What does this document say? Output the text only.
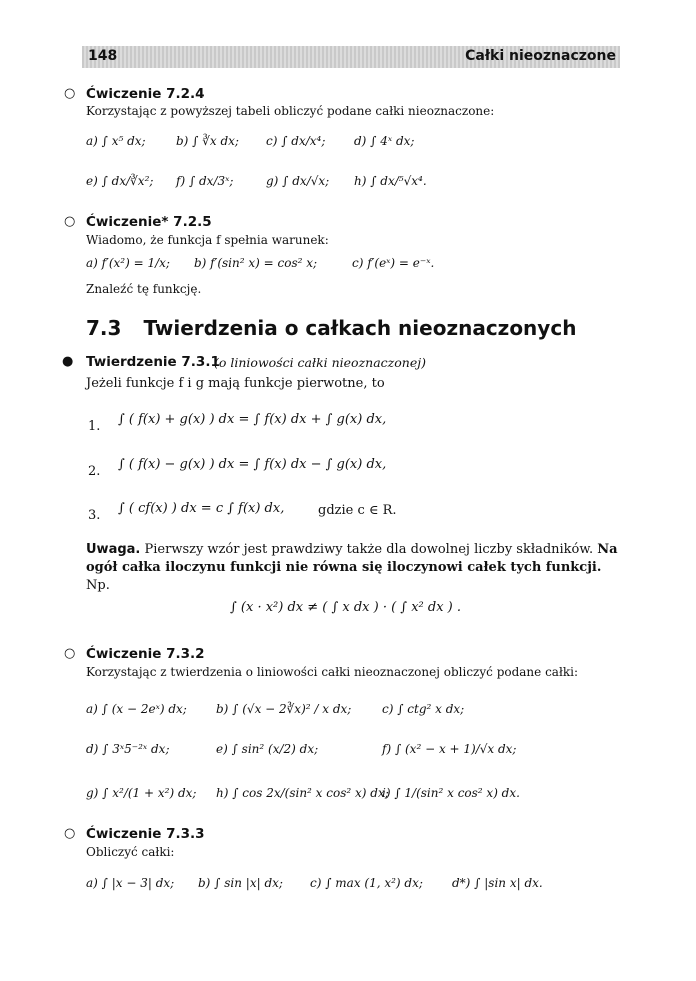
148	Całki nieoznaczone
○ Ćwiczenie 7.2.4
Korzystając z powyższej tabeli obliczyć podane całki nieoznaczone:
a) ∫ x⁵ dx;	b) ∫ ∛x dx; c) ∫ dx/x⁴; d) ∫ 4ˣ dx;
e) ∫ dx/∛x²; f) ∫ dx/3ˣ;	g) ∫ dx/√x; h) ∫ dx/⁵√x⁴.
○ Ćwiczenie* 7.2.5
Wiadomo, że funkcja f spełnia warunek:
a) f′(x²) = 1/x; b) f′(sin² x) = cos² x;	c) f′(eˣ) = e⁻ˣ.
Znaleźć tę funkcję.
7.3 Twierdzenia o całkach nieoznaczonych
● Twierdzenie 7.3.1
(o liniowości całki nieoznaczonej)
Jeżeli funkcje f i g mają funkcje pierwotne, to
1. ∫ ( f(x) + g(x) ) dx = ∫ f(x) dx + ∫ g(x) dx,
2. ∫ ( f(x) − g(x) ) dx = ∫ f(x) dx − ∫ g(x) dx,
3. ∫ ( cf(x) ) dx = c ∫ f(x) dx,	gdzie c ∈ R.
Uwaga. Pierwszy wzór jest prawdziwy także dla dowolnej liczby składników. Na
ogół całka iloczynu funkcji nie równa się iloczynowi całek tych funkcji.
Np.
∫ (x · x²) dx ≠ ( ∫ x dx ) · ( ∫ x² dx ) .
○ Ćwiczenie 7.3.2
Korzystając z twierdzenia o liniowości całki nieoznaczonej obliczyć podane całki:
a) ∫ (x − 2eˣ) dx; b) ∫ (√x − 2∛x)² / x dx;	c) ∫ ctg² x dx;
d) ∫ 3ˣ5⁻²ˣ dx;	e) ∫ sin² (x/2) dx;	f) ∫ (x² − x + 1)/√x dx;
g) ∫ x²/(1 + x²) dx; h) ∫ cos 2x/(sin² x cos² x) dx;
i) ∫ 1/(sin² x cos² x) dx.
○ Ćwiczenie 7.3.3
Obliczyć całki:
a) ∫ |x − 3| dx; b) ∫ sin |x| dx; c) ∫ max (1, x²) dx; d*) ∫ |sin x| dx.
